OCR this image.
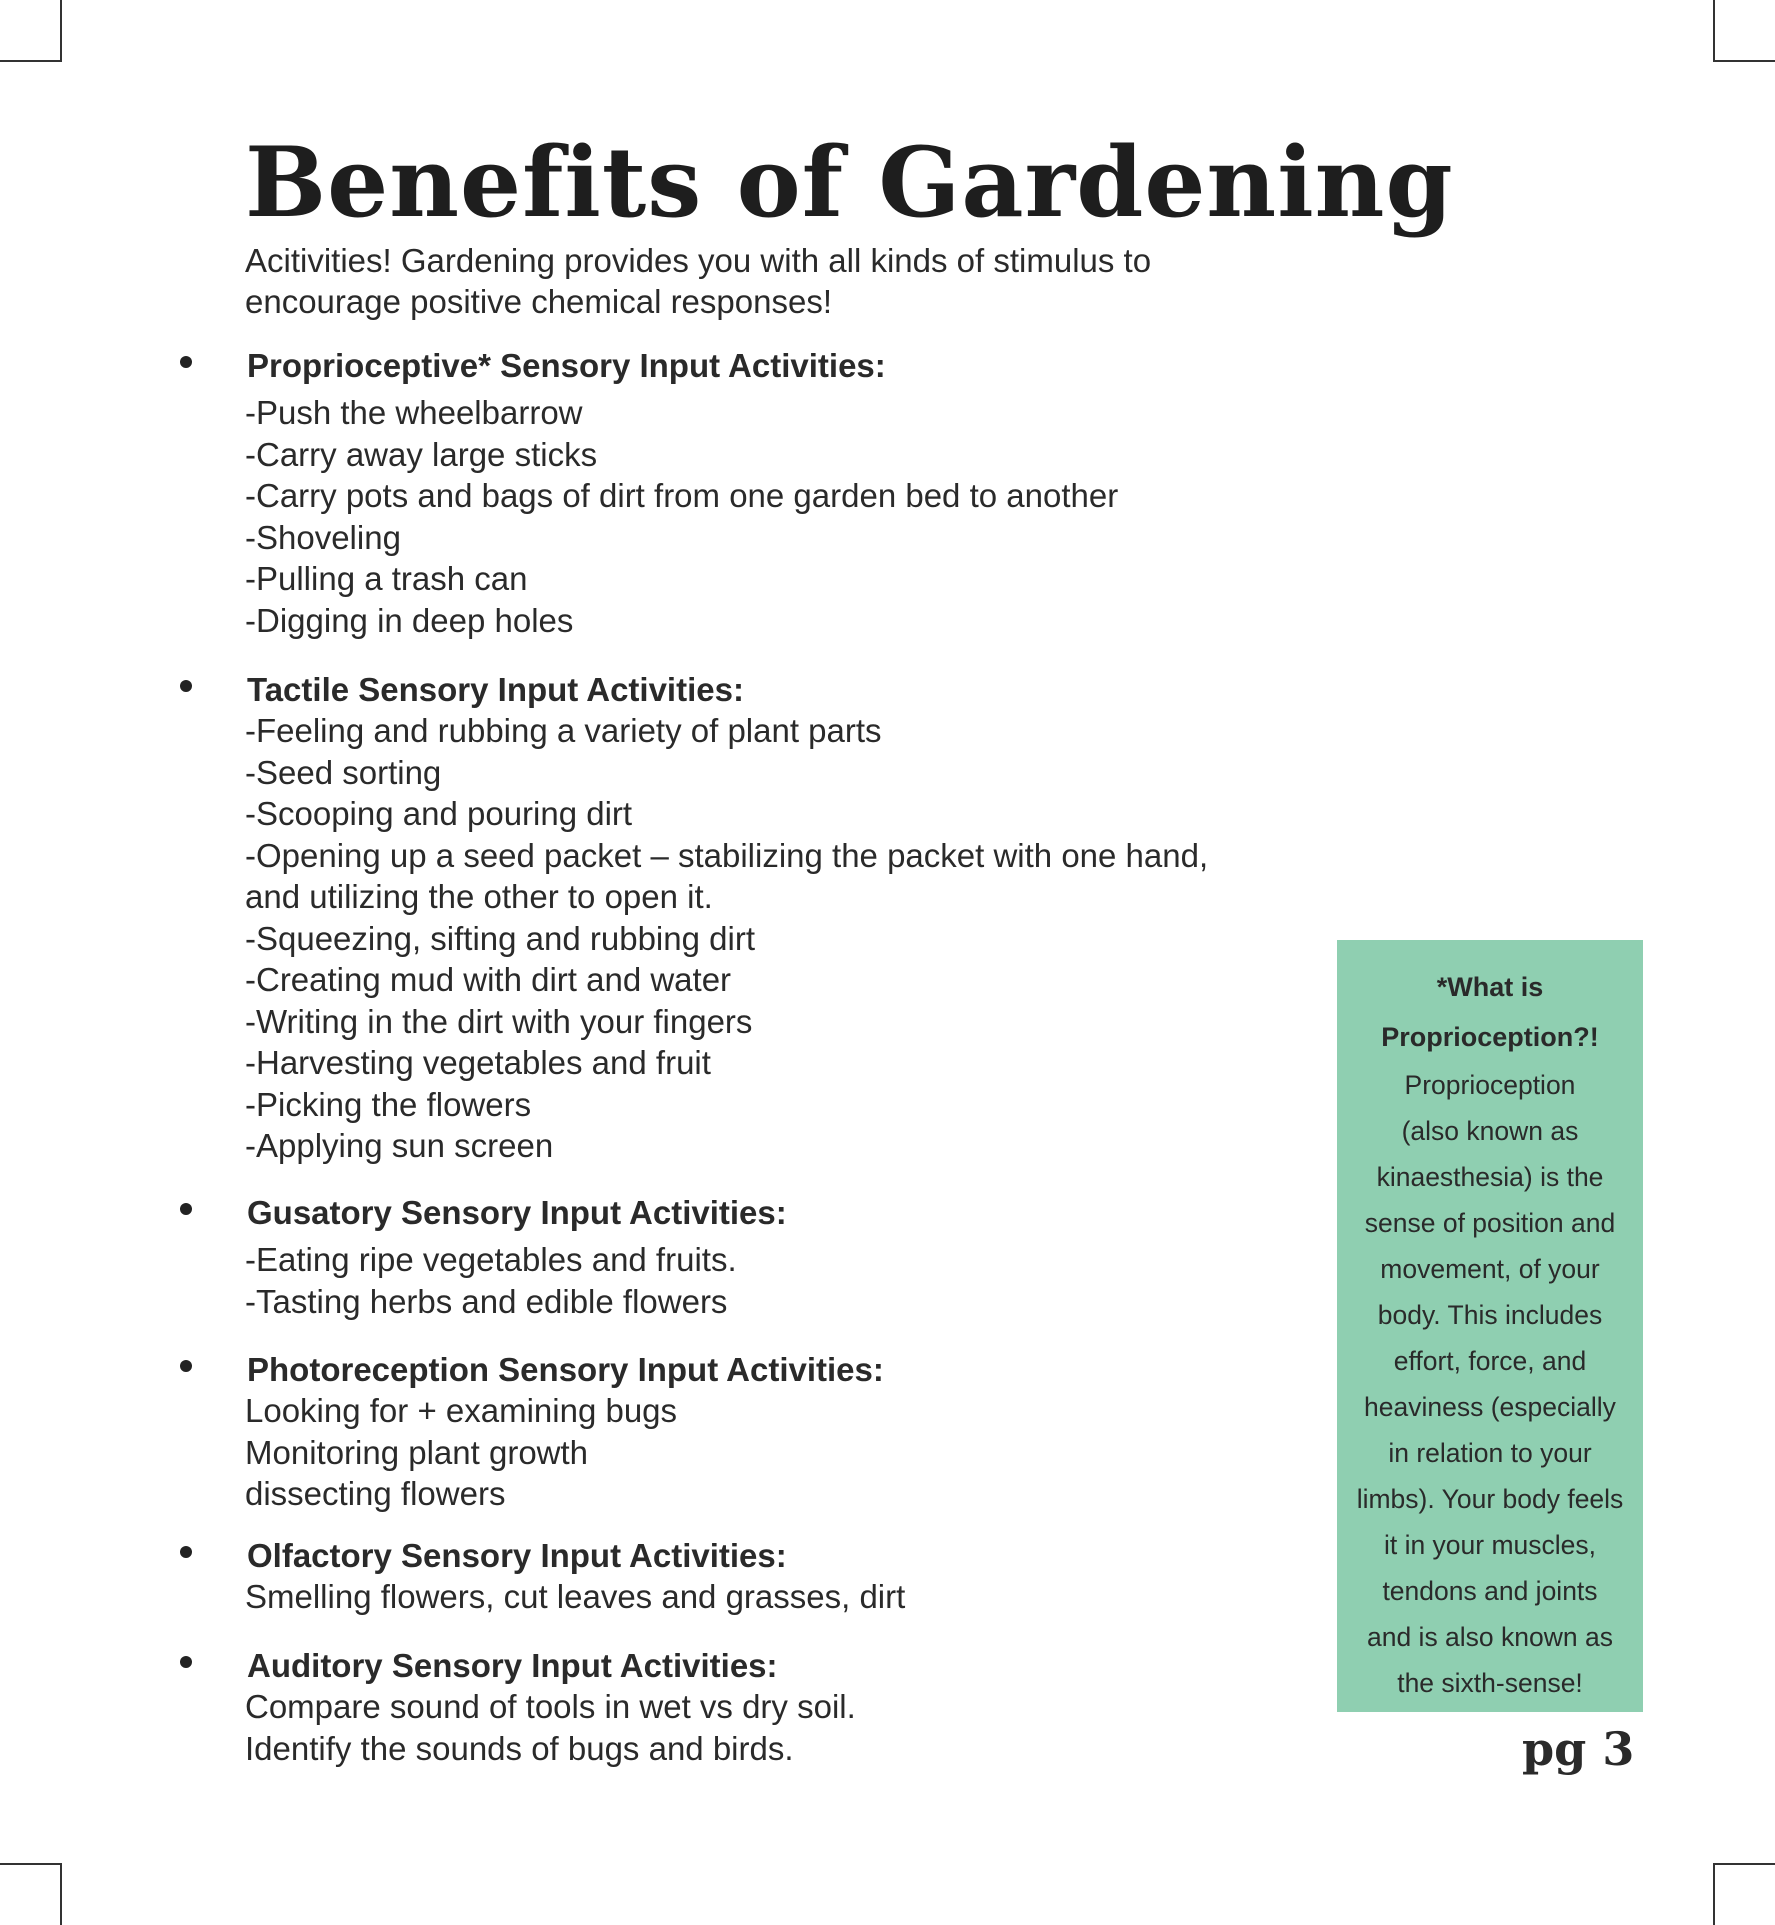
Benefits of Gardening
Acitivities! Gardening provides you with all kinds of stimulus to encourage positive chemical responses!
Proprioceptive* Sensory Input Activities:
-Push the wheelbarrow
-Carry away large sticks
-Carry pots and bags of dirt from one garden bed to another
-Shoveling
-Pulling a trash can
-Digging in deep holes
Tactile Sensory Input Activities:
-Feeling and rubbing a variety of plant parts
-Seed sorting
-Scooping and pouring dirt
-Opening up a seed packet – stabilizing the packet with one hand,
and utilizing the other to open it.
-Squeezing, sifting and rubbing dirt
-Creating mud with dirt and water
-Writing in the dirt with your fingers
-Harvesting vegetables and fruit
-Picking the flowers
-Applying sun screen
Gusatory Sensory Input Activities:
-Eating ripe vegetables and fruits.
-Tasting herbs and edible flowers
Photoreception Sensory Input Activities:
Looking for + examining bugs
Monitoring plant growth
dissecting flowers
Olfactory Sensory Input Activities:
Smelling flowers, cut leaves and grasses, dirt
Auditory Sensory Input Activities:
Compare sound of tools in wet vs dry soil.
Identify the sounds of bugs and birds.
*What is
Proprioception?!
Proprioception
(also known as
kinaesthesia) is the
sense of position and
movement, of your
body. This includes
effort, force, and
heaviness (especially
in relation to your
limbs). Your body feels
it in your muscles,
tendons and joints
and is also known as
the sixth-sense!
pg 3
